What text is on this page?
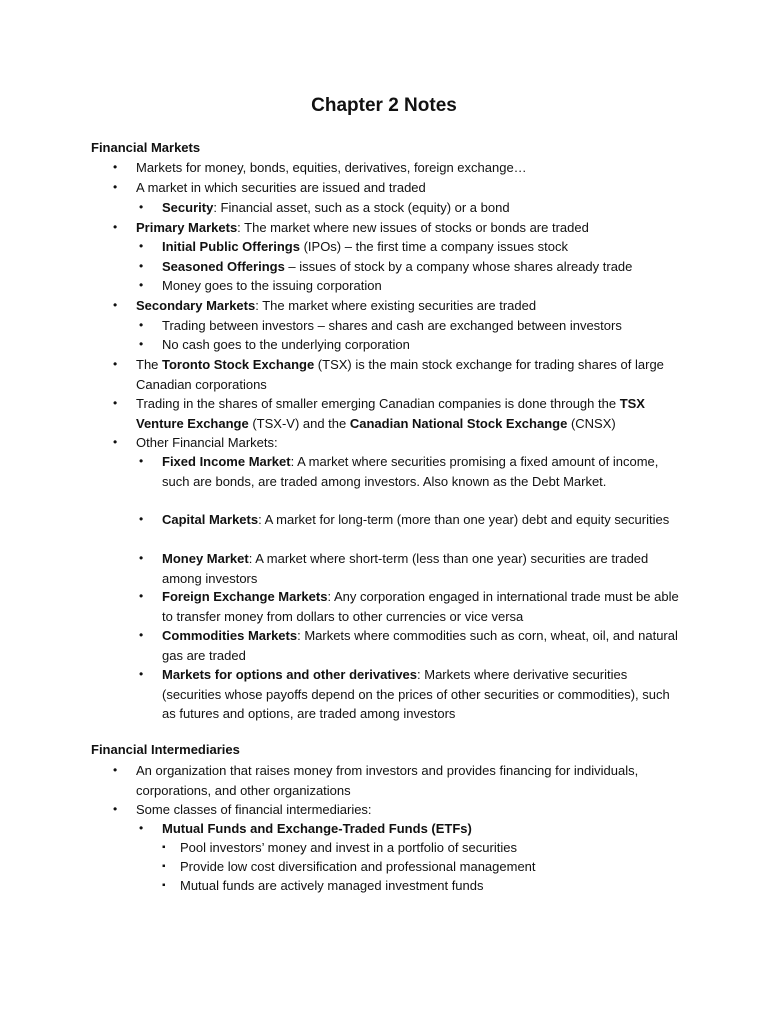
Chapter 2 Notes
Financial Markets
Financial Intermediaries
• Markets for money, bonds, equities, derivatives, foreign exchange…
• A market in which securities are issued and traded
• Security: Financial asset, such as a stock (equity) or a bond
• Primary Markets: The market where new issues of stocks or bonds are traded
• Initial Public Offerings (IPOs) – the first time a company issues stock
• Seasoned Offerings – issues of stock by a company whose shares already trade
• Money goes to the issuing corporation
• Secondary Markets: The market where existing securities are traded
• Trading between investors – shares and cash are exchanged between investors
• No cash goes to the underlying corporation
• The Toronto Stock Exchange (TSX) is the main stock exchange for trading shares of large Canadian corporations
• Trading in the shares of smaller emerging Canadian companies is done through the TSX Venture Exchange (TSX-V) and the Canadian National Stock Exchange (CNSX)
• Other Financial Markets:
• Fixed Income Market: A market where securities promising a fixed amount of income, such are bonds, are traded among investors. Also known as the Debt Market.
• Capital Markets: A market for long-term (more than one year) debt and equity securities
• Money Market: A market where short-term (less than one year) securities are traded among investors
• Foreign Exchange Markets: Any corporation engaged in international trade must be able to transfer money from dollars to other currencies or vice versa
• Commodities Markets: Markets where commodities such as corn, wheat, oil, and natural gas are traded
• Markets for options and other derivatives: Markets where derivative securities (securities whose payoffs depend on the prices of other securities or commodities), such as futures and options, are traded among investors
• An organization that raises money from investors and provides financing for individuals, corporations, and other organizations
• Some classes of financial intermediaries:
• Mutual Funds and Exchange-Traded Funds (ETFs)
▪ Pool investors’ money and invest in a portfolio of securities
▪ Provide low cost diversification and professional management
▪ Mutual funds are actively managed investment funds
